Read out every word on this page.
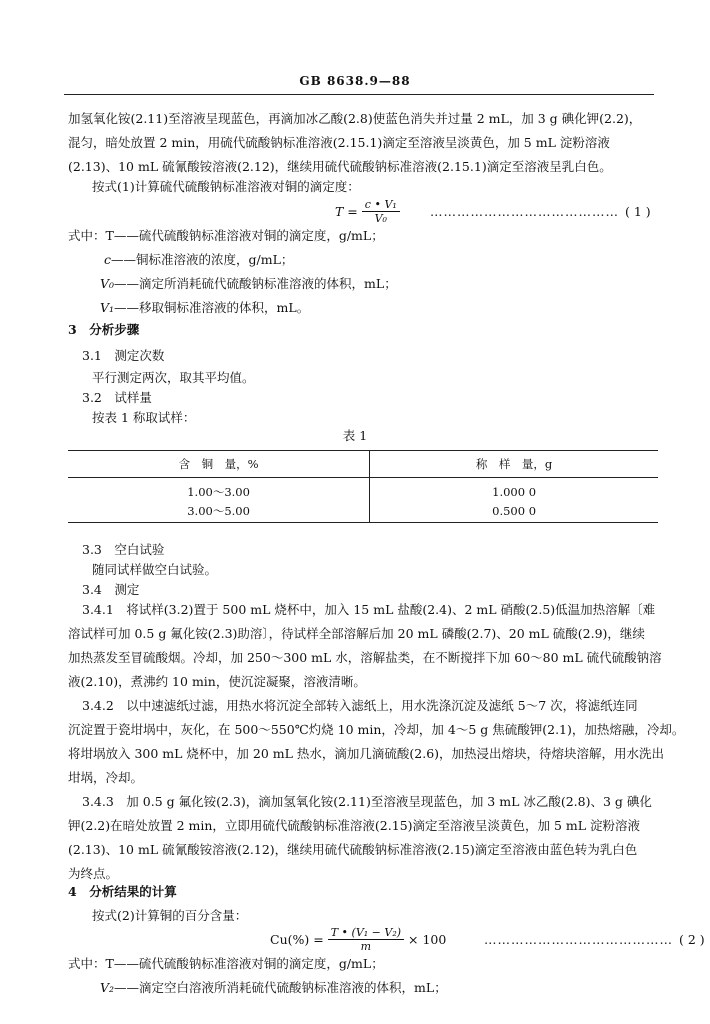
GB 8638.9—88
加氢氧化铵(2.11)至溶液呈现蓝色，再滴加冰乙酸(2.8)使蓝色消失并过量 2 mL，加 3 g 碘化钾(2.2)，
混匀，暗处放置 2 min，用硫代硫酸钠标准溶液(2.15.1)滴定至溶液呈淡黄色，加 5 mL 淀粉溶液
(2.13)、10 mL 硫氰酸铵溶液(2.12)，继续用硫代硫酸钠标准溶液(2.15.1)滴定至溶液呈乳白色。
按式(1)计算硫代硫酸钠标准溶液对铜的滴定度：
$T = \frac{\text{c • V₁}}{\text{V₀}}$ …………………………………… ( 1 )
式中：T——硫代硫酸钠标准溶液对铜的滴定度，g/mL；
c——铜标准溶液的浓度，g/mL；
V₀——滴定所消耗硫代硫酸钠标准溶液的体积，mL；
V₁——移取铜标准溶液的体积，mL。
3　分析步骤
3.1　测定次数
平行测定两次，取其平均值。
3.2　试样量
按表 1 称取试样：
表 1
含　铜　量，%	称　样　量，g
1.00～3.00	1.000 0
3.00～5.00	0.500 0
3.3　空白试验
随同试样做空白试验。
3.4　测定
3.4.1　将试样(3.2)置于 500 mL 烧杯中，加入 15 mL 盐酸(2.4)、2 mL 硝酸(2.5)低温加热溶解〔难
溶试样可加 0.5 g 氟化铵(2.3)助溶〕，待试样全部溶解后加 20 mL 磷酸(2.7)、20 mL 硫酸(2.9)，继续
加热蒸发至冒硫酸烟。冷却，加 250～300 mL 水，溶解盐类，在不断搅拌下加 60～80 mL 硫代硫酸钠溶
液(2.10)，煮沸约 10 min，使沉淀凝聚，溶液清晰。
3.4.2　以中速滤纸过滤，用热水将沉淀全部转入滤纸上，用水洗涤沉淀及滤纸 5～7 次，将滤纸连同
沉淀置于瓷坩埚中，灰化，在 500～550℃灼烧 10 min，冷却，加 4～5 g 焦硫酸钾(2.1)，加热熔融，冷却。
将坩埚放入 300 mL 烧杯中，加 20 mL 热水，滴加几滴硫酸(2.6)，加热浸出熔块，待熔块溶解，用水洗出
坩埚，冷却。
3.4.3　加 0.5 g 氟化铵(2.3)，滴加氢氧化铵(2.11)至溶液呈现蓝色，加 3 mL 冰乙酸(2.8)、3 g 碘化
钾(2.2)在暗处放置 2 min，立即用硫代硫酸钠标准溶液(2.15)滴定至溶液呈淡黄色，加 5 mL 淀粉溶液
(2.13)、10 mL 硫氰酸铵溶液(2.12)，继续用硫代硫酸钠标准溶液(2.15)滴定至溶液由蓝色转为乳白色
为终点。
4　分析结果的计算
按式(2)计算铜的百分含量：
$Cu(\%) = \frac{\text{T • (V₁ − V₂)}}{m} \times 100$	…………………………………… ( 2 )
式中：T——硫代硫酸钠标准溶液对铜的滴定度，g/mL；
V₂——滴定空白溶液所消耗硫代硫酸钠标准溶液的体积，mL；
